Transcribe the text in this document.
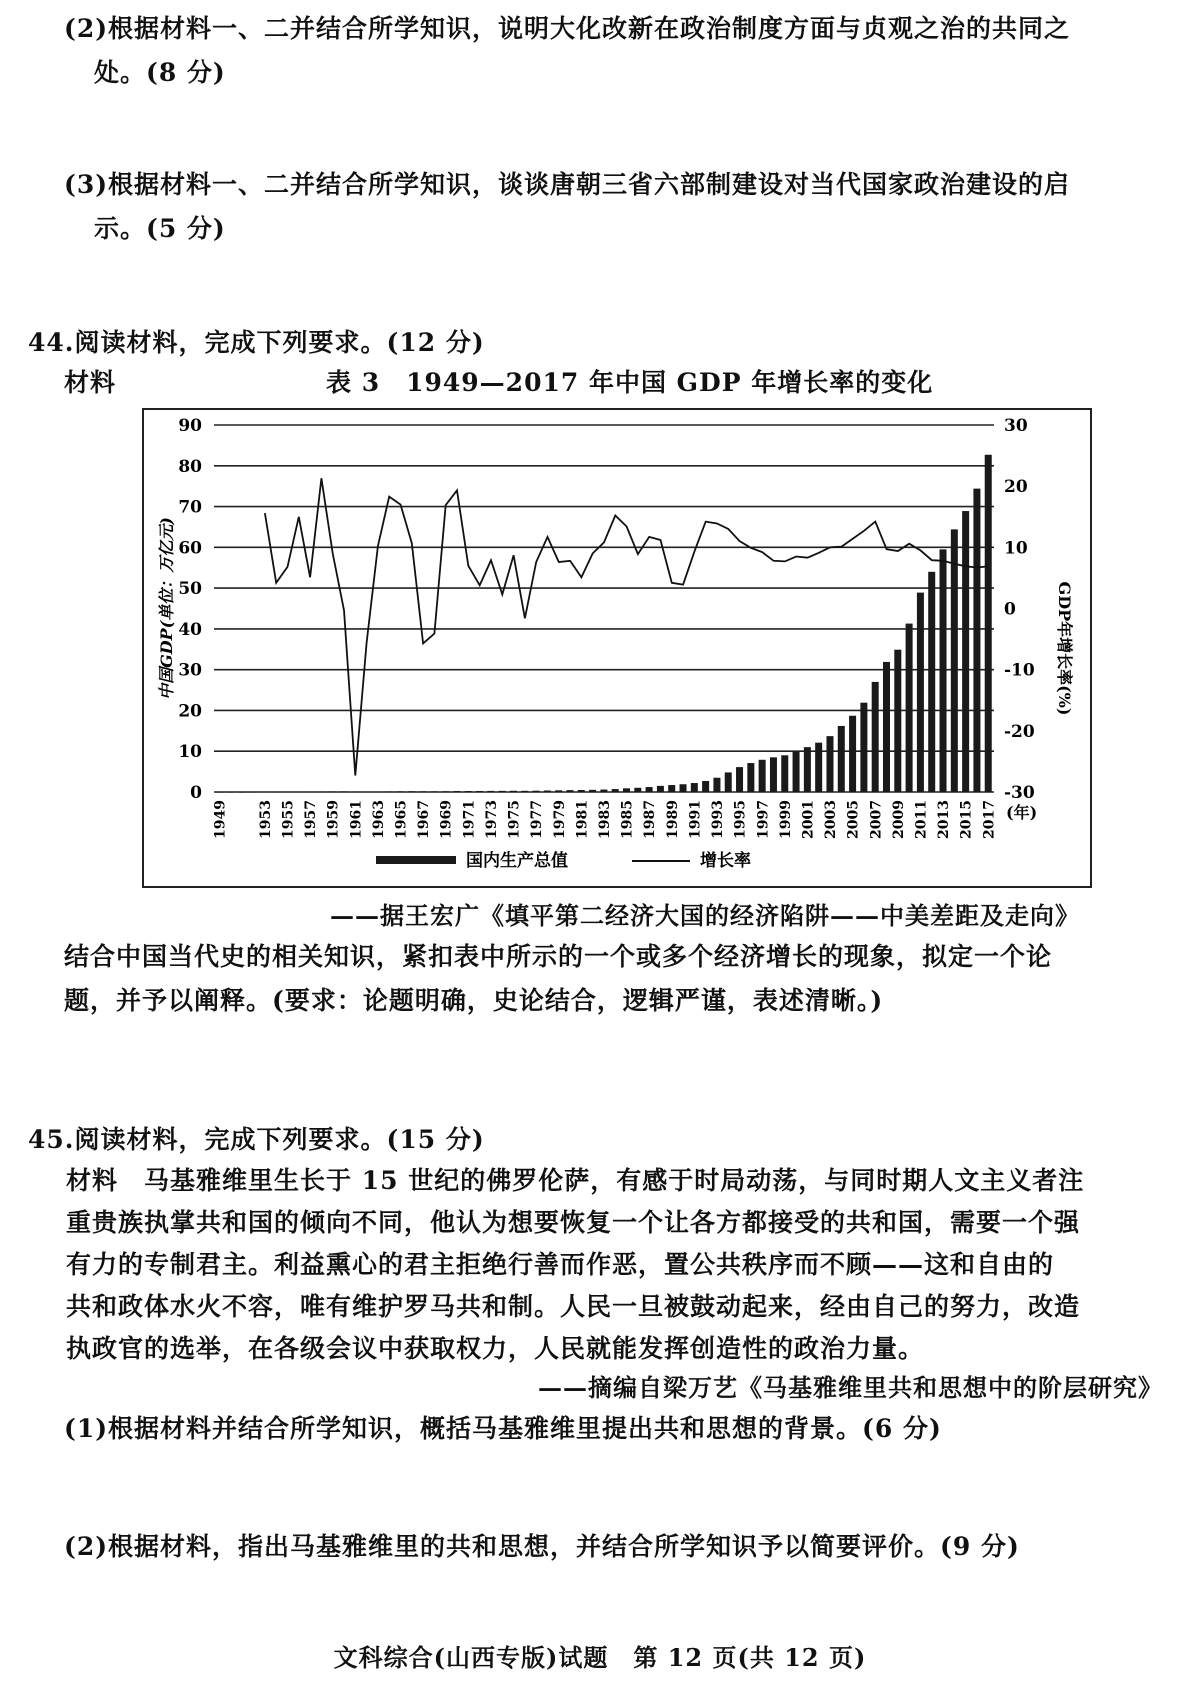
(2)根据材料一、二并结合所学知识，说明大化改新在政治制度方面与贞观之治的共同之
处。(8 分)
(3)根据材料一、二并结合所学知识，谈谈唐朝三省六部制建设对当代国家政治建设的启
示。(5 分)
44.阅读材料，完成下列要求。(12 分)
材料	表 3　1949—2017 年中国 GDP 年增长率的变化
90
80
70
60
50
40
30
20
10
0
30
20
10
0
-10
-20
-30
1949 1953 1955 1957 1959 1961 1963 1965 1967 1969 1971 1973 1975 1977 1979 1981 1983 1985 1987 1989 1991 1993 1995 1997 1999 2001 2003 2005 2007 2009 2011 2013 2015 2017 (年)
中国GDP(单位：万亿元)	GDP年增长率(%)
国内生产总值	增长率
——据王宏广《填平第二经济大国的经济陷阱——中美差距及走向》
结合中国当代史的相关知识，紧扣表中所示的一个或多个经济增长的现象，拟定一个论
题，并予以阐释。(要求：论题明确，史论结合，逻辑严谨，表述清晰。)
45.阅读材料，完成下列要求。(15 分)
材料　马基雅维里生长于 15 世纪的佛罗伦萨，有感于时局动荡，与同时期人文主义者注
重贵族执掌共和国的倾向不同，他认为想要恢复一个让各方都接受的共和国，需要一个强
有力的专制君主。利益熏心的君主拒绝行善而作恶，置公共秩序而不顾——这和自由的
共和政体水火不容，唯有维护罗马共和制。人民一旦被鼓动起来，经由自己的努力，改造
执政官的选举，在各级会议中获取权力，人民就能发挥创造性的政治力量。
——摘编自梁万艺《马基雅维里共和思想中的阶层研究》
(1)根据材料并结合所学知识，概括马基雅维里提出共和思想的背景。(6 分)
(2)根据材料，指出马基雅维里的共和思想，并结合所学知识予以简要评价。(9 分)
文科综合(山西专版)试题　第 12 页(共 12 页)
